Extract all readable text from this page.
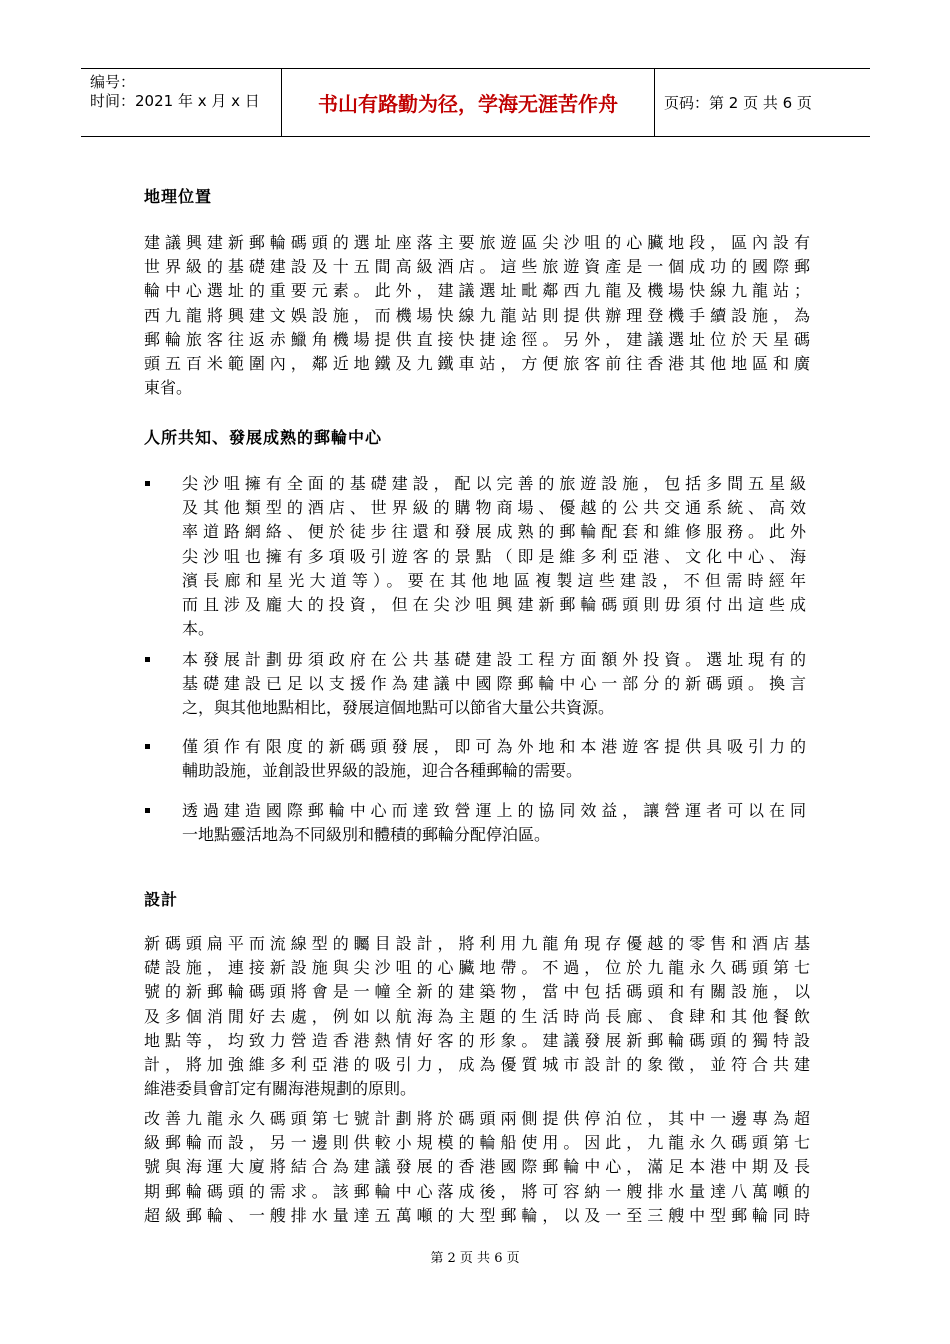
编号：
时间：2021 年 x 月 x 日	书山有路勤为径，学海无涯苦作舟	页码：第 2 页 共 6 页
地理位置
建議興建新郵輪碼頭的選址座落主要旅遊區尖沙咀的心臟地段，區內設有
世界級的基礎建設及十五間高級酒店。這些旅遊資產是一個成功的國際郵
輪中心選址的重要元素。此外，建議選址毗鄰西九龍及機場快線九龍站；
西九龍將興建文娛設施，而機場快線九龍站則提供辦理登機手續設施，為
郵輪旅客往返赤鱲角機場提供直接快捷途徑。另外，建議選址位於天星碼
頭五百米範圍內，鄰近地鐵及九鐵車站，方便旅客前往香港其他地區和廣
東省。
人所共知、發展成熟的郵輪中心
尖沙咀擁有全面的基礎建設，配以完善的旅遊設施，包括多間五星級
及其他類型的酒店、世界級的購物商場、優越的公共交通系統、高效
率道路網絡、便於徒步往還和發展成熟的郵輪配套和維修服務。此外
尖沙咀也擁有多項吸引遊客的景點（即是維多利亞港、文化中心、海
濱長廊和星光大道等）。要在其他地區複製這些建設，不但需時經年
而且涉及龐大的投資，但在尖沙咀興建新郵輪碼頭則毋須付出這些成
本。
本發展計劃毋須政府在公共基礎建設工程方面額外投資。選址現有的
基礎建設已足以支援作為建議中國際郵輪中心一部分的新碼頭。換言
之，與其他地點相比，發展這個地點可以節省大量公共資源。
僅須作有限度的新碼頭發展，即可為外地和本港遊客提供具吸引力的
輔助設施，並創設世界級的設施，迎合各種郵輪的需要。
透過建造國際郵輪中心而達致營運上的協同效益，讓營運者可以在同
一地點靈活地為不同級別和體積的郵輪分配停泊區。
設計
新碼頭扁平而流線型的矚目設計，將利用九龍角現存優越的零售和酒店基
礎設施，連接新設施與尖沙咀的心臟地帶。不過，位於九龍永久碼頭第七
號的新郵輪碼頭將會是一幢全新的建築物，當中包括碼頭和有關設施，以
及多個消閒好去處，例如以航海為主題的生活時尚長廊、食肆和其他餐飲
地點等，均致力營造香港熱情好客的形象。建議發展新郵輪碼頭的獨特設
計，將加強維多利亞港的吸引力，成為優質城市設計的象徵，並符合共建
維港委員會訂定有關海港規劃的原則。
改善九龍永久碼頭第七號計劃將於碼頭兩側提供停泊位，其中一邊專為超
級郵輪而設，另一邊則供較小規模的輪船使用。因此，九龍永久碼頭第七
號與海運大廈將結合為建議發展的香港國際郵輪中心，滿足本港中期及長
期郵輪碼頭的需求。該郵輪中心落成後，將可容納一艘排水量達八萬噸的
超級郵輪、一艘排水量達五萬噸的大型郵輪，以及一至三艘中型郵輪同時
第 2 页 共 6 页
